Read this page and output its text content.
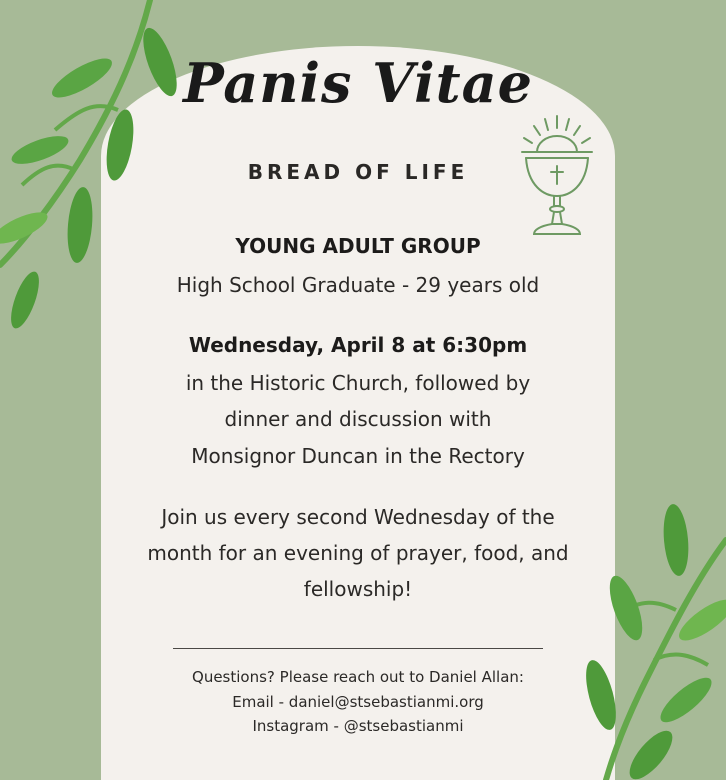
Panis Vitae
BREAD OF LIFE
YOUNG ADULT GROUP
High School Graduate - 29 years old
Wednesday, April 8 at 6:30pm
in the Historic Church, followed by
dinner and discussion with
Monsignor Duncan in the Rectory
Join us every second Wednesday of the
month for an evening of prayer, food, and
fellowship!
Questions? Please reach out to Daniel Allan:
Email - daniel@stsebastianmi.org
Instagram - @stsebastianmi
